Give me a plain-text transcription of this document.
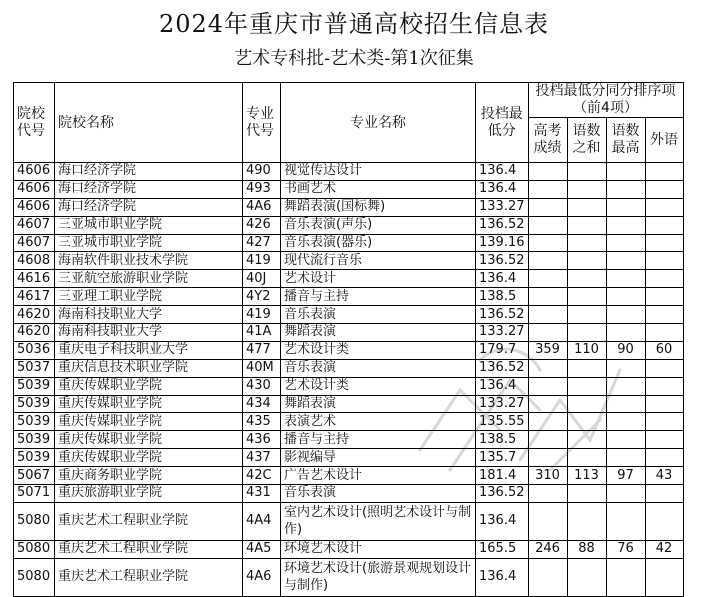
2024年重庆市普通高校招生信息表
艺术专科批-艺术类-第1次征集
院校代号	院校名称	专业代号	专业名称	投档最低分	投档最低分同分排序项（前4项）			
					高考成绩	语数之和	语数最高	外语
4606	海口经济学院	490	视觉传达设计	136.4				
4606	海口经济学院	493	书画艺术	136.4				
4606	海口经济学院	4A6	舞蹈表演(国标舞)	133.27				
4607	三亚城市职业学院	426	音乐表演(声乐)	136.52				
4607	三亚城市职业学院	427	音乐表演(器乐)	139.16				
4608	海南软件职业技术学院	419	现代流行音乐	136.52				
4616	三亚航空旅游职业学院	40J	艺术设计	136.4				
4617	三亚理工职业学院	4Y2	播音与主持	138.5				
4620	海南科技职业大学	419	音乐表演	136.52				
4620	海南科技职业大学	41A	舞蹈表演	133.27				
5036	重庆电子科技职业大学	477	艺术设计类	179.7	359	110	90	60
5037	重庆信息技术职业学院	40M	音乐表演	136.52				
5039	重庆传媒职业学院	430	艺术设计类	136.4				
5039	重庆传媒职业学院	434	舞蹈表演	133.27				
5039	重庆传媒职业学院	435	表演艺术	135.55				
5039	重庆传媒职业学院	436	播音与主持	138.5				
5039	重庆传媒职业学院	437	影视编导	135.7				
5067	重庆商务职业学院	42C	广告艺术设计	181.4	310	113	97	43
5071	重庆旅游职业学院	431	音乐表演	136.52				
5080	重庆艺术工程职业学院	4A4	室内艺术设计(照明艺术设计与制作)	136.4				
5080	重庆艺术工程职业学院	4A5	环境艺术设计	165.5	246	88	76	42
5080	重庆艺术工程职业学院	4A6	环境艺术设计(旅游景观规划设计与制作)	136.4				
